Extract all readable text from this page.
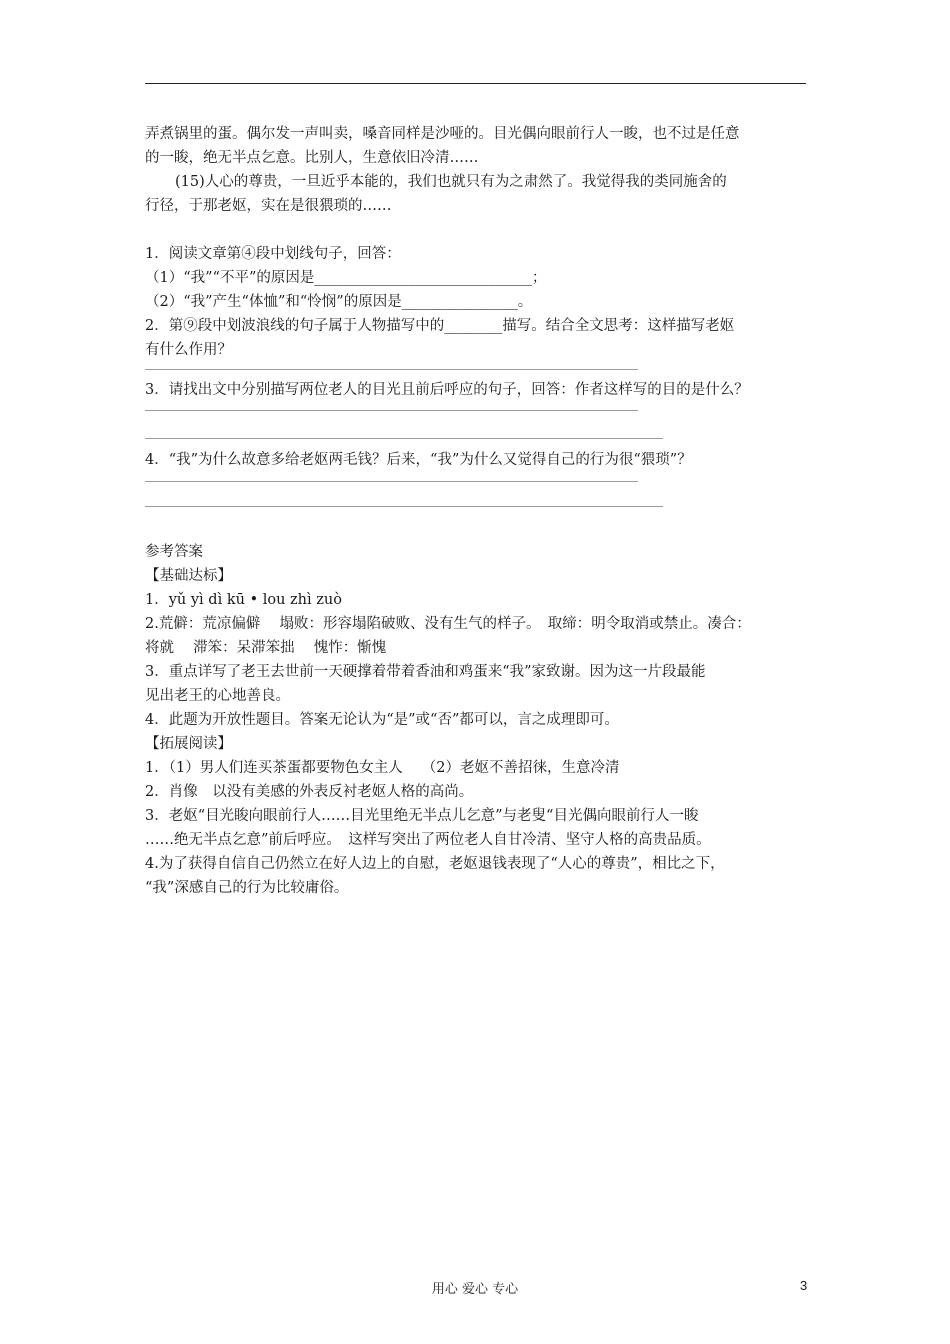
弄煮锅里的蛋。偶尔发一声叫卖，嗓音同样是沙哑的。目光偶向眼前行人一睃，也不过是任意
的一睃，绝无半点乞意。比别人，生意依旧冷清……
(15)人心的尊贵，一旦近乎本能的，我们也就只有为之肃然了。我觉得我的类同施舍的
行径，于那老妪，实在是很猥琐的……
1．阅读文章第④段中划线句子，回答：
（1）“我”“不平”的原因是______________________________；
（2）“我”产生“体恤”和“怜悯”的原因是________________。
2．第⑨段中划波浪线的句子属于人物描写中的________描写。结合全文思考：这样描写老妪
有什么作用？
3．请找出文中分别描写两位老人的目光且前后呼应的句子，回答：作者这样写的目的是什么？
4．“我”为什么故意多给老妪两毛钱？后来，“我”为什么又觉得自己的行为很“猥琐”？
参考答案
【基础达标】
1．yǔ yì dì kū • lou zhì zuò
2.荒僻：荒凉偏僻　 塌败：形容塌陷破败、没有生气的样子。　取缔：明令取消或禁止。凑合：
将就　 滞笨：呆滞笨拙　 愧怍：惭愧
3．重点详写了老王去世前一天硬撑着带着香油和鸡蛋来“我”家致谢。因为这一片段最能
见出老王的心地善良。
4．此题为开放性题目。答案无论认为“是”或“否”都可以，言之成理即可。
【拓展阅读】
1．（1）男人们连买茶蛋都要物色女主人　 （2）老妪不善招徕，生意冷清
2．肖像　以没有美感的外表反衬老妪人格的高尚。
3．老妪“目光睃向眼前行人……目光里绝无半点儿乞意”与老叟“目光偶向眼前行人一睃
……绝无半点乞意”前后呼应。　这样写突出了两位老人自甘冷清、坚守人格的高贵品质。
4.为了获得自信自己仍然立在好人边上的自慰，老妪退钱表现了“人心的尊贵”，相比之下，
“我”深感自己的行为比较庸俗。
用心 爱心 专心	3
